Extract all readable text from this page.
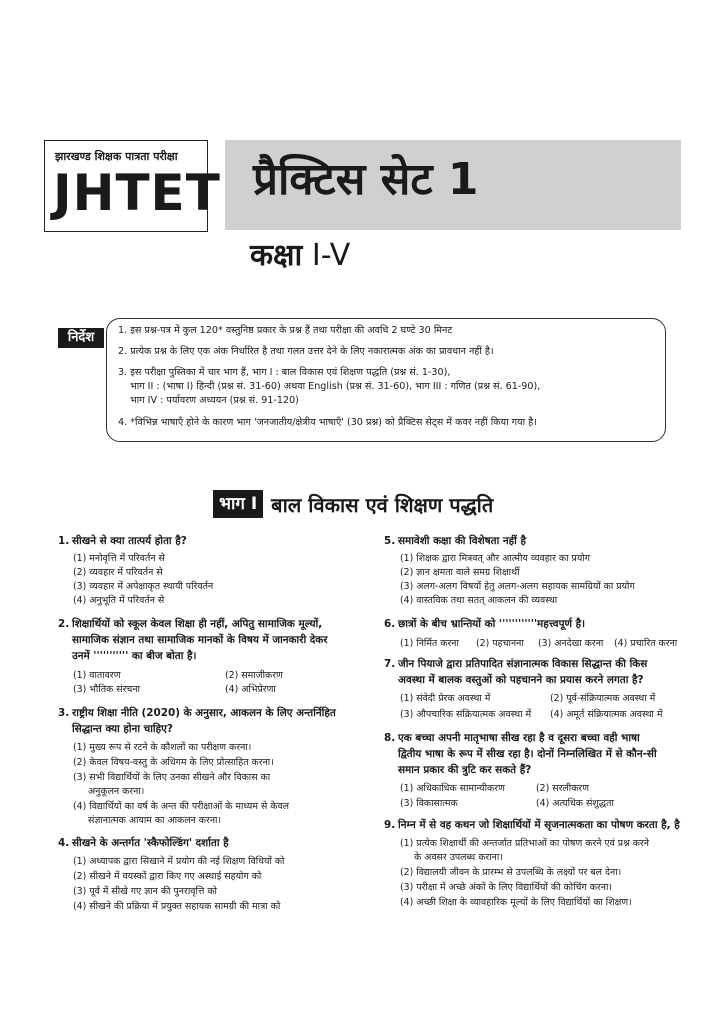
झारखण्ड शिक्षक पात्रता परीक्षा
JHTET प्रैक्टिस सेट 1
कक्षा I-V
निर्देश	1. इस प्रश्न-पत्र में कुल 120* वस्तुनिष्ठ प्रकार के प्रश्न हैं तथा परीक्षा की अवधि 2 घण्टे 30 मिनट
2. प्रत्येक प्रश्न के लिए एक अंक निर्धारित है तथा गलत उत्तर देने के लिए नकारात्मक अंक का प्रावधान नहीं है।
3. इस परीक्षा पुस्तिका में चार भाग हैं, भाग I : बाल विकास एवं शिक्षण पद्धति (प्रश्न सं. 1-30),
भाग II : (भाषा I) हिन्दी (प्रश्न सं. 31-60) अथवा English (प्रश्न सं. 31-60), भाग III : गणित (प्रश्न सं. 61-90),
भाग IV : पर्यावरण अध्ययन (प्रश्न सं. 91-120)
4. *विभिन्न भाषाएँ होने के कारण भाग 'जनजातीय/क्षेत्रीय भाषाएँ' (30 प्रश्न) को प्रैक्टिस सेट्स में कवर नहीं किया गया है।
भाग I बाल विकास एवं शिक्षण पद्धति
1. सीखने से क्या तात्पर्य होता है?
(1) मनोवृत्ति में परिवर्तन से
(2) व्यवहार में परिवर्तन से
(3) व्यवहार में अपेक्षाकृत स्थायी परिवर्तन
(4) अनुभूति में परिवर्तन से
2. शिक्षार्थियों को स्कूल केवल शिक्षा ही नहीं, अपितु सामाजिक मूल्यों,
सामाजिक संज्ञान तथा सामाजिक मानकों के विषय में जानकारी देकर
उनमें ''''''''''' का बीज बोता है।
(1) वातावरण	(2) समाजीकरण
(3) भौतिक संरचना	(4) अभिप्रेरणा
3. राष्ट्रीय शिक्षा नीति (2020) के अनुसार, आकलन के लिए अन्तर्निहित
सिद्धान्त क्या होना चाहिए?
(1) मुख्य रूप से रटने के कौशलों का परीक्षण करना।
(2) केवल विषय-वस्तु के अधिगम के लिए प्रोत्साहित करना।
(3) सभी विद्यार्थियों के लिए उनका सीखने और विकास का
अनुकूलन करना।
(4) विद्यार्थियों का वर्ष के अन्त की परीक्षाओं के माध्यम से केवल
संज्ञानात्मक आयाम का आकलन करना।
4. सीखने के अन्तर्गत 'स्कैफोल्डिंग' दर्शाता है
(1) अध्यापक द्वारा सिखाने में प्रयोग की नई शिक्षण विधियों को
(2) सीखने में वयस्कों द्वारा किए गए अस्थाई सहयोग को
(3) पूर्व में सीखे गए ज्ञान की पुनरावृत्ति को
(4) सीखने की प्रक्रिया में प्रयुक्त सहायक सामग्री की मात्रा को
5. समावेशी कक्षा की विशेषता नहीं है
(1) शिक्षक द्वारा मित्रवत् और आत्मीय व्यवहार का प्रयोग
(2) ज्ञान क्षमता वाले समग्र शिक्षार्थी
(3) अलग-अलग विषयों हेतु अलग-अलग सहायक सामग्रियों का प्रयोग
(4) वास्तविक तथा सतत् आकलन की व्यवस्था
6. छात्रों के बीच भ्रान्तियों को ''''''''''''महत्त्वपूर्ण है।
(1) निर्मित करना (2) पहचानना (3) अनदेखा करना (4) प्रचारित करना
7. जीन पियाजे द्वारा प्रतिपादित संज्ञानात्मक विकास सिद्धान्त की किस
अवस्था में बालक वस्तुओं को पहचानने का प्रयास करने लगता है?
(1) संवेदी प्रेरक अवस्था में	(2) पूर्व-संक्रियात्मक अवस्था में
(3) औपचारिक संक्रियात्मक अवस्था में (4) अमूर्त संक्रियात्मक अवस्था में
8. एक बच्चा अपनी मातृभाषा सीख रहा है व दूसरा बच्चा वही भाषा
द्वितीय भाषा के रूप में सीख रहा है। दोनों निम्नलिखित में से कौन-सी
समान प्रकार की त्रुटि कर सकते हैं?
(1) अधिकाधिक सामान्यीकरण	(2) सरलीकरण
(3) विकासात्मक	(4) अत्यधिक संशुद्धता
9. निम्न में से वह कथन जो शिक्षार्थियों में सृजनात्मकता का पोषण करता है, है
(1) प्रत्येक शिक्षार्थी की अन्तर्जात प्रतिभाओं का पोषण करने एवं प्रश्न करने
के अवसर उपलब्ध कराना।
(2) विद्यालयी जीवन के प्रारम्भ से उपलब्धि के लक्ष्यों पर बल देना।
(3) परीक्षा में अच्छे अंकों के लिए विद्यार्थियों की कोचिंग करना।
(4) अच्छी शिक्षा के व्यावहारिक मूल्यों के लिए विद्यार्थियों का शिक्षण।
